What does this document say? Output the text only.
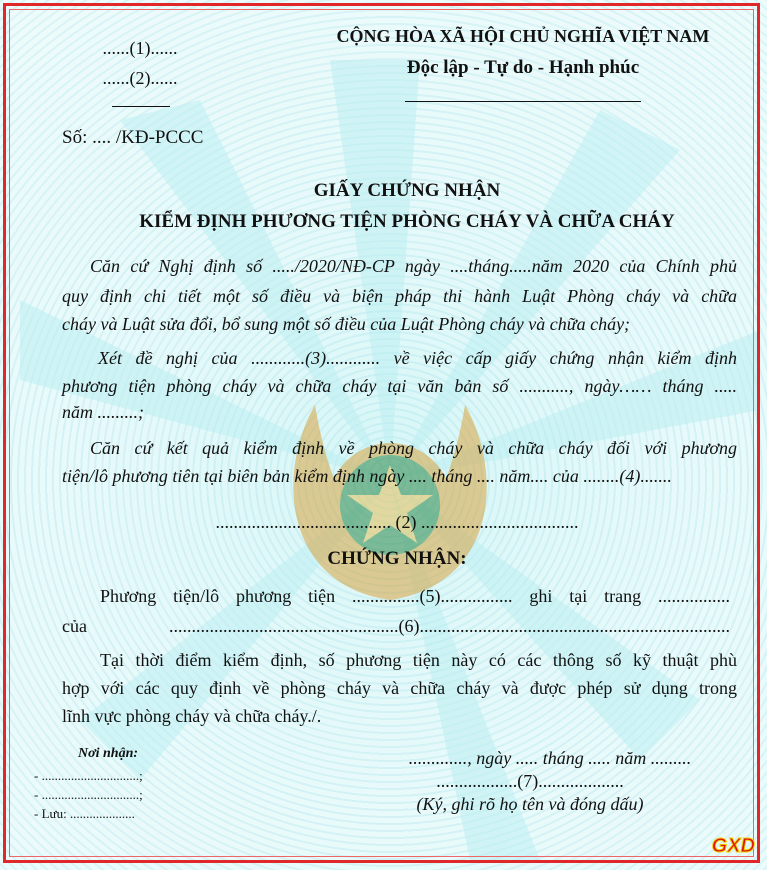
......(1)......
......(2)......
Số: .... /KĐ-PCCC
CỘNG HÒA XÃ HỘI CHỦ NGHĨA VIỆT NAM
Độc lập - Tự do - Hạnh phúc
GIẤY CHỨNG NHẬN
KIỂM ĐỊNH PHƯƠNG TIỆN PHÒNG CHÁY VÀ CHỮA CHÁY
Căn cứ Nghị định số ...../2020/NĐ-CP ngày ....tháng.....năm 2020 của Chính phủ
quy định chi tiết một số điều và biện pháp thi hành Luật Phòng cháy và chữa
cháy và Luật sửa đổi, bổ sung một số điều của Luật Phòng cháy và chữa cháy;
Xét đề nghị của ............(3)............ về việc cấp giấy chứng nhận kiểm định
phương tiện phòng cháy và chữa cháy tại văn bản số ..........., ngày…… tháng .....
năm .........;
Căn cứ kết quả kiểm định về phòng cháy và chữa cháy đối với phương
tiện/lô phương tiên tại biên bản kiểm định ngày .... tháng .... năm.... của ........(4).......
....................................... (2) ...................................
CHỨNG NHẬN:
Phương tiện/lô phương tiện ...............(5)................ ghi tại trang ................
của ...................................................(6).....................................................................
Tại thời điểm kiểm định, số phương tiện này có các thông số kỹ thuật phù
hợp với các quy định về phòng cháy và chữa cháy và được phép sử dụng trong
lĩnh vực phòng cháy và chữa cháy./.
Nơi nhận:
- ..............................;
- ..............................;
- Lưu: ....................
............., ngày ..... tháng ..... năm .........
..................(7)...................
(Ký, ghi rõ họ tên và đóng dấu)
GXD
